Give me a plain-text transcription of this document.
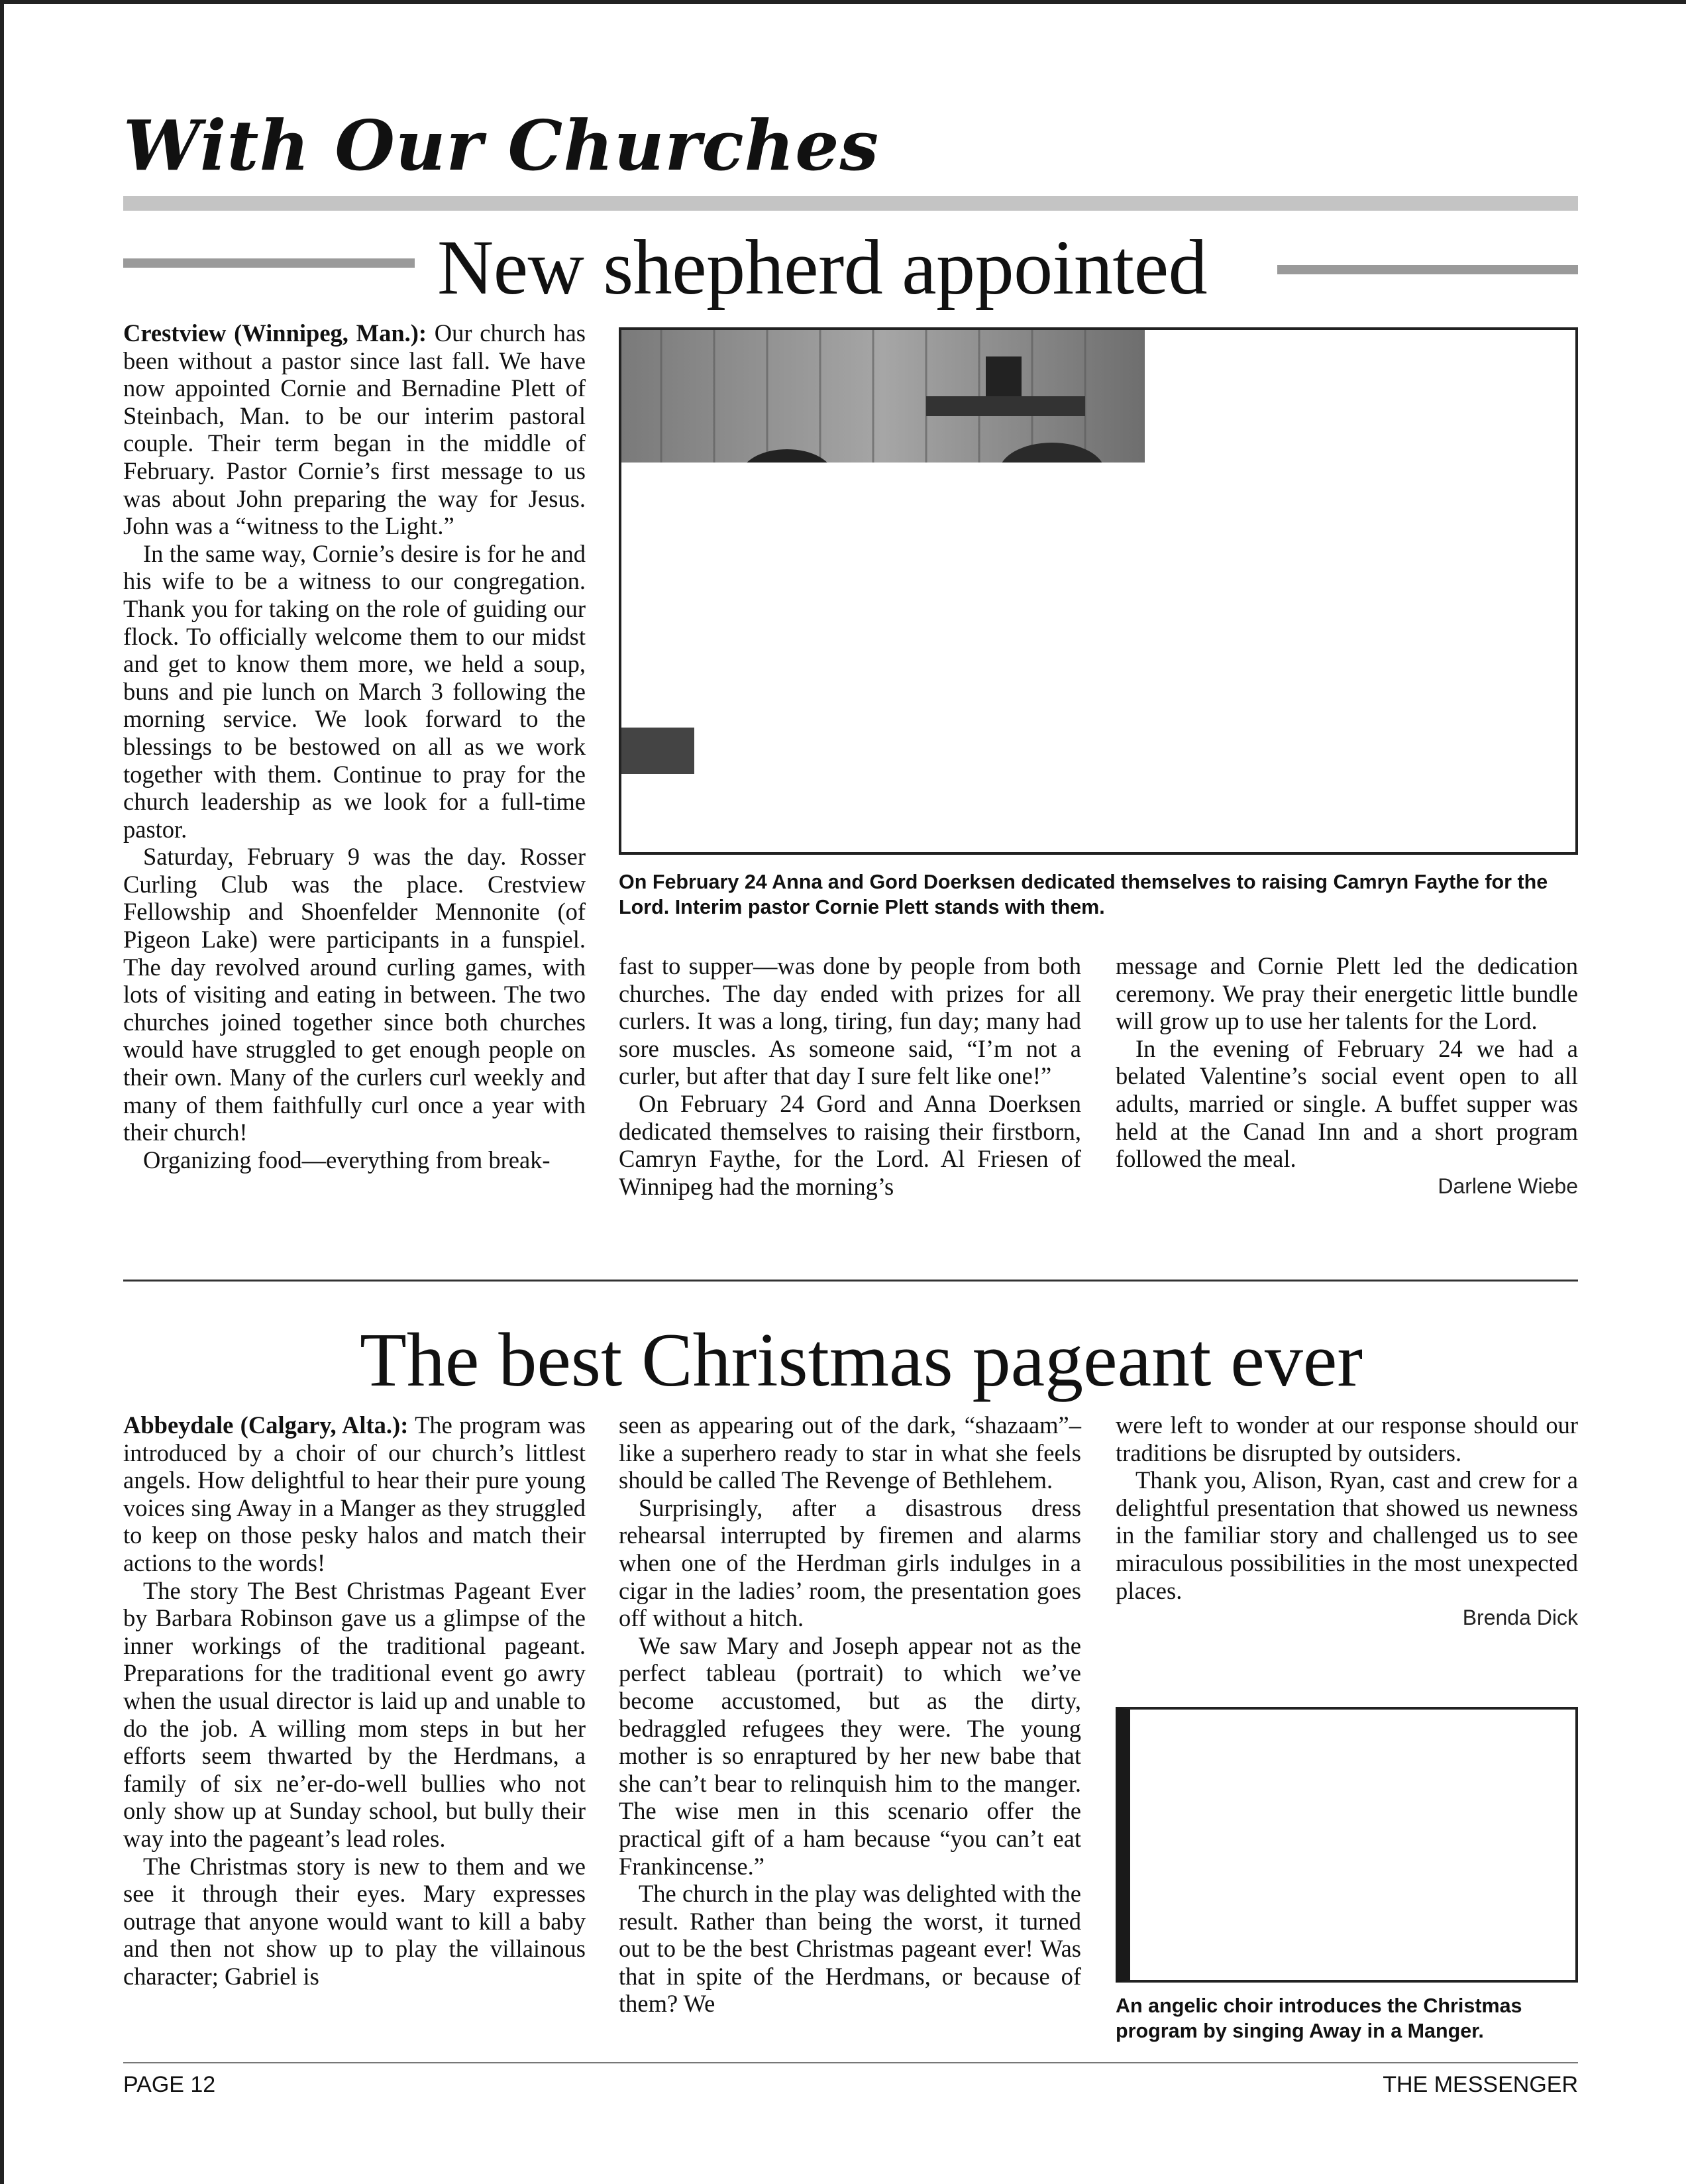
With Our Churches
New shepherd appointed

Crestview (Winnipeg, Man.): Our church has been without a pastor since last fall. We have now appointed Cornie and Bernadine Plett of Steinbach, Man. to be our interim pastoral couple. Their term began in the middle of February. Pastor Cornie’s first message to us was about John preparing the way for Jesus. John was a “witness to the Light.”

In the same way, Cornie’s desire is for he and his wife to be a witness to our congregation. Thank you for taking on the role of guiding our flock. To officially welcome them to our midst and get to know them more, we held a soup, buns and pie lunch on March 3 following the morning service. We look forward to the blessings to be bestowed on all as we work together with them. Continue to pray for the church leadership as we look for a full-time pastor.

Saturday, February 9 was the day. Rosser Curling Club was the place. Crestview Fellowship and Shoenfelder Mennonite (of Pigeon Lake) were participants in a funspiel. The day revolved around curling games, with lots of visiting and eating in between. The two churches joined together since both churches would have struggled to get enough people on their own. Many of the curlers curl weekly and many of them faithfully curl once a year with their church!

Organizing food—everything from break-

On February 24 Anna and Gord Doerksen dedicated themselves to raising Camryn Faythe for the Lord. Interim pastor Cornie Plett stands with them.

fast to supper—was done by people from both churches. The day ended with prizes for all curlers. It was a long, tiring, fun day; many had sore muscles. As someone said, “I’m not a curler, but after that day I sure felt like one!”

On February 24 Gord and Anna Doerksen dedicated themselves to raising their firstborn, Camryn Faythe, for the Lord. Al Friesen of Winnipeg had the morning’s

message and Cornie Plett led the dedication ceremony. We pray their energetic little bundle will grow up to use her talents for the Lord.

In the evening of February 24 we had a belated Valentine’s social event open to all adults, married or single. A buffet supper was held at the Canad Inn and a short program followed the meal.

Darlene Wiebe
The best Christmas pageant ever

Abbeydale (Calgary, Alta.): The program was introduced by a choir of our church’s littlest angels. How delightful to hear their pure young voices sing Away in a Manger as they struggled to keep on those pesky halos and match their actions to the words!

The story The Best Christmas Pageant Ever by Barbara Robinson gave us a glimpse of the inner workings of the traditional pageant. Preparations for the traditional event go awry when the usual director is laid up and unable to do the job. A willing mom steps in but her efforts seem thwarted by the Herdmans, a family of six ne’er-do-well bullies who not only show up at Sunday school, but bully their way into the pageant’s lead roles.

The Christmas story is new to them and we see it through their eyes. Mary expresses outrage that anyone would want to kill a baby and then not show up to play the villainous character; Gabriel is

seen as appearing out of the dark, “shazaam”–like a superhero ready to star in what she feels should be called The Revenge of Bethlehem.

Surprisingly, after a disastrous dress rehearsal interrupted by firemen and alarms when one of the Herdman girls indulges in a cigar in the ladies’ room, the presentation goes off without a hitch.

We saw Mary and Joseph appear not as the perfect tableau (portrait) to which we’ve become accustomed, but as the dirty, bedraggled refugees they were. The young mother is so enraptured by her new babe that she can’t bear to relinquish him to the manger. The wise men in this scenario offer the practical gift of a ham because “you can’t eat Frankincense.”

The church in the play was delighted with the result. Rather than being the worst, it turned out to be the best Christmas pageant ever! Was that in spite of the Herdmans, or because of them? We

were left to wonder at our response should our traditions be disrupted by outsiders.

Thank you, Alison, Ryan, cast and crew for a delightful presentation that showed us newness in the familiar story and challenged us to see miraculous possibilities in the most unexpected places.

Brenda Dick
An angelic choir introduces the Christmas program by singing Away in a Manger.
PAGE 12	THE MESSENGER
